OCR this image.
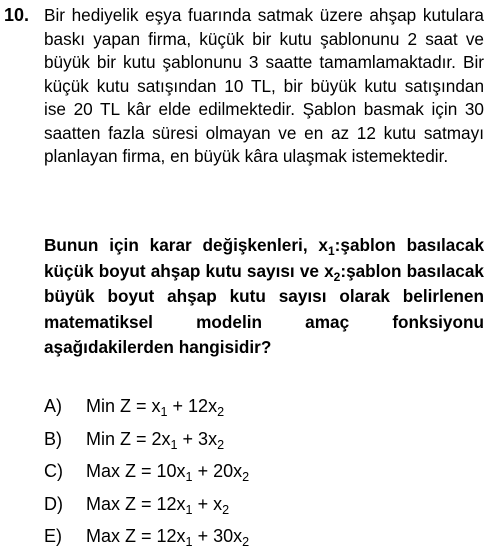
10. Bir hediyelik eşya fuarında satmak üzere ahşap kutulara baskı yapan firma, küçük bir kutu şablonunu 2 saat ve büyük bir kutu şablonunu 3 saatte tamamlamaktadır. Bir küçük kutu satışından 10 TL, bir büyük kutu satışından ise 20 TL kâr elde edilmektedir. Şablon basmak için 30 saatten fazla süresi olmayan ve en az 12 kutu satmayı planlayan firma, en büyük kâra ulaşmak istemektedir.

Bunun için karar değişkenleri, $x_1:şablon$ basılacak küçük boyut ahşap kutu sayısı ve $x_2:şablon$ basılacak büyük boyut ahşap kutu sayısı olarak belirlenen matematiksel modelin amaç fonksiyonu aşağıdakilerden hangisidir?

A)	Min $Z = x_1 + 12x_2$
B)	Min $Z = 2x_1 + 3x_2$
C)	Max $Z = 10x_1 + 20x_2$
D)	Max $Z = 12x_1 + x_2$
E)	Max $Z = 12x_1 + 30x_2$
